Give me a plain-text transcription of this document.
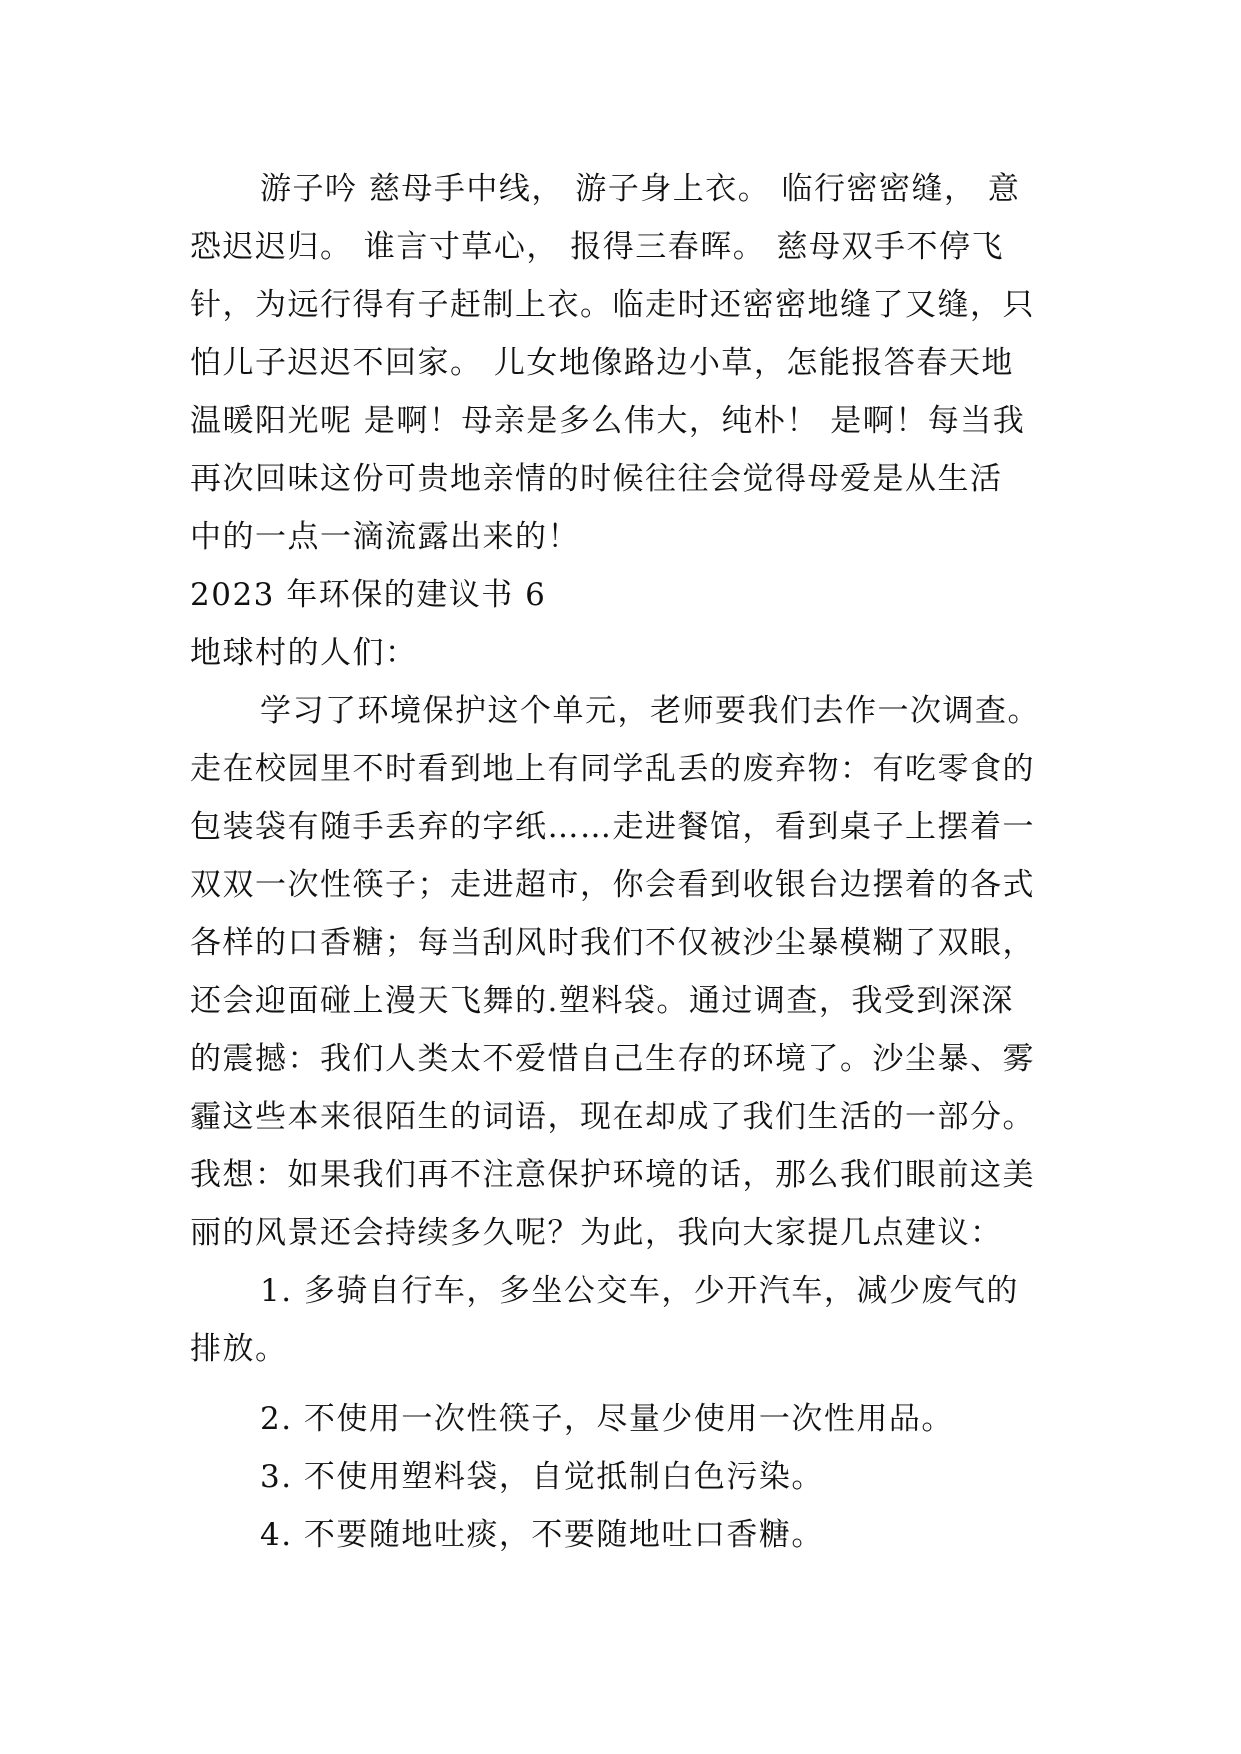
游子吟 慈母手中线， 游子身上衣。 临行密密缝， 意
恐迟迟归。 谁言寸草心， 报得三春晖。 慈母双手不停飞
针，为远行得有子赶制上衣。临走时还密密地缝了又缝，只
怕儿子迟迟不回家。 儿女地像路边小草，怎能报答春天地
温暖阳光呢 是啊！母亲是多么伟大，纯朴！ 是啊！每当我
再次回味这份可贵地亲情的时候往往会觉得母爱是从生活
中的一点一滴流露出来的！
2023 年环保的建议书 6
地球村的人们：
学习了环境保护这个单元，老师要我们去作一次调查。
走在校园里不时看到地上有同学乱丢的废弃物：有吃零食的
包装袋有随手丢弃的字纸……走进餐馆，看到桌子上摆着一
双双一次性筷子；走进超市，你会看到收银台边摆着的各式
各样的口香糖；每当刮风时我们不仅被沙尘暴模糊了双眼，
还会迎面碰上漫天飞舞的.塑料袋。通过调查，我受到深深
的震撼：我们人类太不爱惜自己生存的环境了。沙尘暴、雾
霾这些本来很陌生的词语，现在却成了我们生活的一部分。
我想：如果我们再不注意保护环境的话，那么我们眼前这美
丽的风景还会持续多久呢？为此，我向大家提几点建议：
1. 多骑自行车，多坐公交车，少开汽车，减少废气的
排放。
2. 不使用一次性筷子，尽量少使用一次性用品。
3. 不使用塑料袋，自觉抵制白色污染。
4. 不要随地吐痰，不要随地吐口香糖。
